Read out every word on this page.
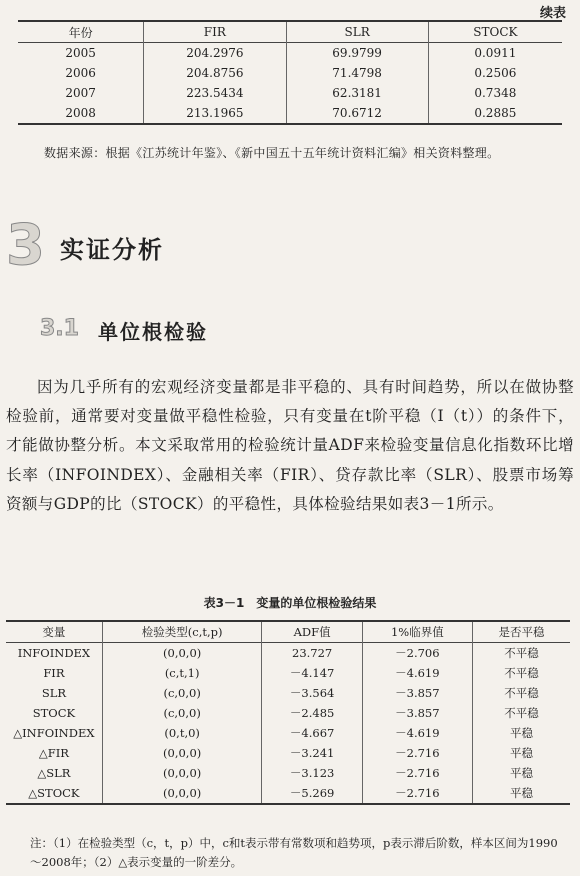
续表
年份	FIR	SLR	STOCK
2005	204.2976	69.9799	0.0911
2006	204.8756	71.4798	0.2506
2007	223.5434	62.3181	0.7348
2008	213.1965	70.6712	0.2885
数据来源：根据《江苏统计年鉴》、《新中国五十五年统计资料汇编》相关资料整理。
3 实证分析
3.1 单位根检验
因为几乎所有的宏观经济变量都是非平稳的、具有时间趋势，所以在做协整检验前，通常要对变量做平稳性检验，只有变量在t阶平稳（I（t））的条件下，才能做协整分析。本文采取常用的检验统计量ADF来检验变量信息化指数环比增长率（INFOINDEX）、金融相关率（FIR）、贷存款比率（SLR）、股票市场筹资额与GDP的比（STOCK）的平稳性，具体检验结果如表3－1所示。
表3－1　变量的单位根检验结果
变量	检验类型(c,t,p)	ADF值	1%临界值	是否平稳
INFOINDEX	(0,0,0)	23.727	－2.706	不平稳
FIR	(c,t,1)	－4.147	－4.619	不平稳
SLR	(c,0,0)	－3.564	－3.857	不平稳
STOCK	(c,0,0)	－2.485	－3.857	不平稳
△INFOINDEX	(0,t,0)	－4.667	－4.619	平稳
△FIR	(0,0,0)	－3.241	－2.716	平稳
△SLR	(0,0,0)	－3.123	－2.716	平稳
△STOCK	(0,0,0)	－5.269	－2.716	平稳
注：（1）在检验类型（c，t，p）中，c和t表示带有常数项和趋势项，p表示滞后阶数，样本区间为1990～2008年；（2）△表示变量的一阶差分。
